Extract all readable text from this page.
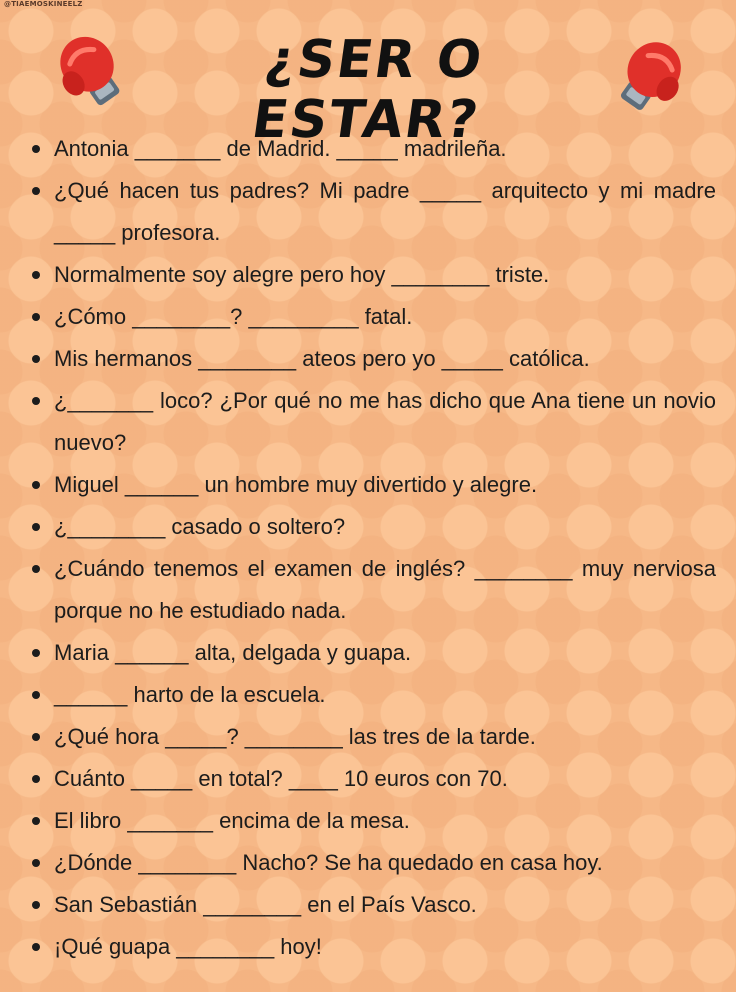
@TIAEMOSKINEELZ
¿SER O ESTAR?
Antonia _______ de Madrid. _____ madrileña.
¿Qué hacen tus padres? Mi padre _____ arquitecto y mi madre _____ profesora.
Normalmente soy alegre pero hoy ________ triste.
¿Cómo ________? _________ fatal.
Mis hermanos ________ ateos pero yo _____ católica.
¿_______ loco? ¿Por qué no me has dicho que Ana tiene un novio nuevo?
Miguel ______ un hombre muy divertido y alegre.
¿________ casado o soltero?
¿Cuándo tenemos el examen de inglés? ________ muy nerviosa porque no he estudiado nada.
Maria ______ alta, delgada y guapa.
______ harto de la escuela.
¿Qué hora _____? ________ las tres de la tarde.
Cuánto _____ en total? ____ 10 euros con 70.
El libro _______ encima de la mesa.
¿Dónde ________ Nacho? Se ha quedado en casa hoy.
San Sebastián ________ en el País Vasco.
¡Qué guapa ________ hoy!
